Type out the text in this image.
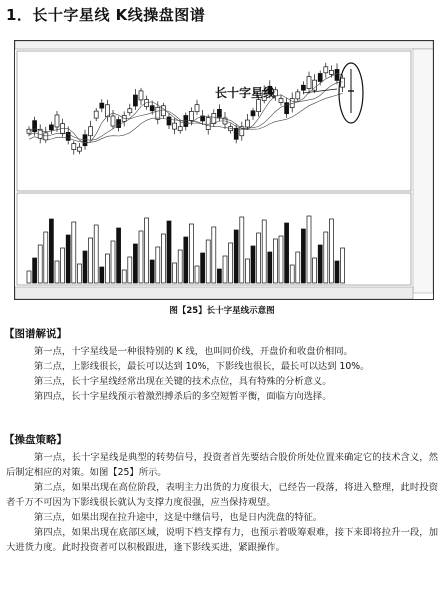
1．长十字星线 K线操盘图谱
长十字星线
图【25】长十字星线示意图
【图谱解说】
第一点，十字星线是一种很特别的 K 线，也叫同价线，开盘价和收盘价相同。
第二点，上影线很长，最长可以达到 10%，下影线也很长，最长可以达到 10%。
第三点，长十字星线经常出现在关键的技术点位，具有特殊的分析意义。
第四点，长十字星线预示着激烈搏杀后的多空短暂平衡，面临方向选择。
【操盘策略】
第一点，长十字星线是典型的转势信号，投资者首先要结合股价所处位置来确定它的技术含义，然后制定相应的对策。如图【25】所示。
第二点，如果出现在高位阶段，表明主力出货的力度很大，已经告一段落，将进入整理，此时投资者千万不可因为下影线很长就认为支撑力度很强，应当保持观望。
第三点，如果出现在拉升途中，这是中继信号，也是日内洗盘的特征。
第四点，如果出现在底部区域，说明下档支撑有力，也预示着吸筹艰难，接下来即将拉升一段，加大进货力度。此时投资者可以积极跟进，逢下影线买进，紧跟操作。
